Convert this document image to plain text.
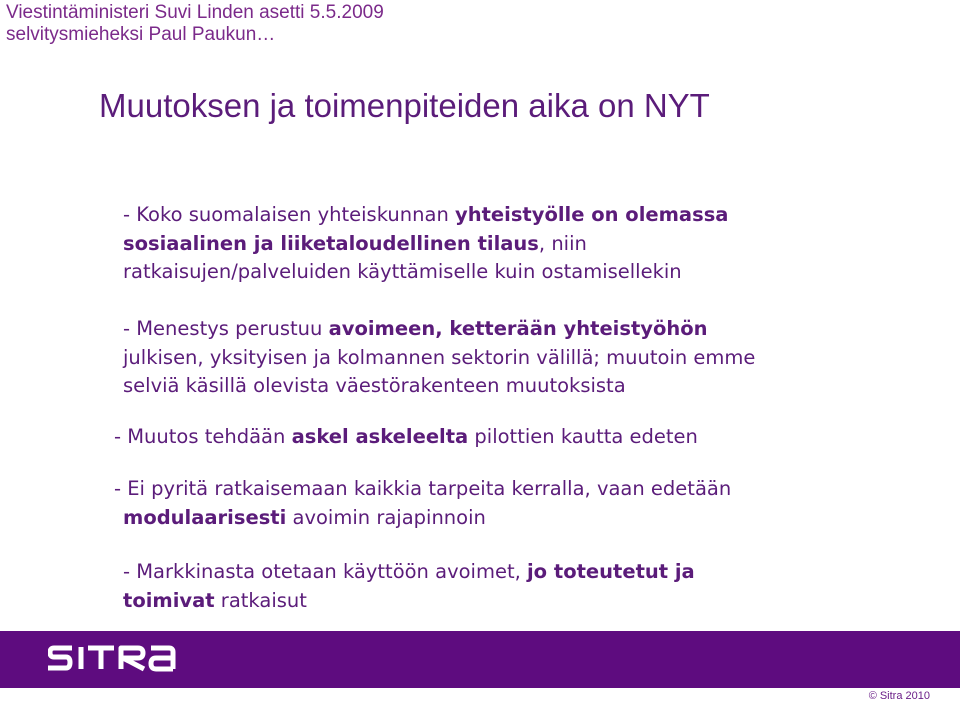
Viestintäministeri Suvi Linden asetti 5.5.2009
selvitysmieheksi Paul Paukun…
Muutoksen ja toimenpiteiden aika on NYT
- Koko suomalaisen yhteiskunnan yhteistyölle on olemassa
sosiaalinen ja liiketaloudellinen tilaus, niin
ratkaisujen/palveluiden käyttämiselle kuin ostamisellekin
- Menestys perustuu avoimeen, ketterään yhteistyöhön
julkisen, yksityisen ja kolmannen sektorin välillä; muutoin emme
selviä käsillä olevista väestörakenteen muutoksista
- Muutos tehdään askel askeleelta pilottien kautta edeten
- Ei pyritä ratkaisemaan kaikkia tarpeita kerralla, vaan edetään
modulaarisesti avoimin rajapinnoin
- Markkinasta otetaan käyttöön avoimet, jo toteutetut ja
toimivat ratkaisut
© Sitra 2010
